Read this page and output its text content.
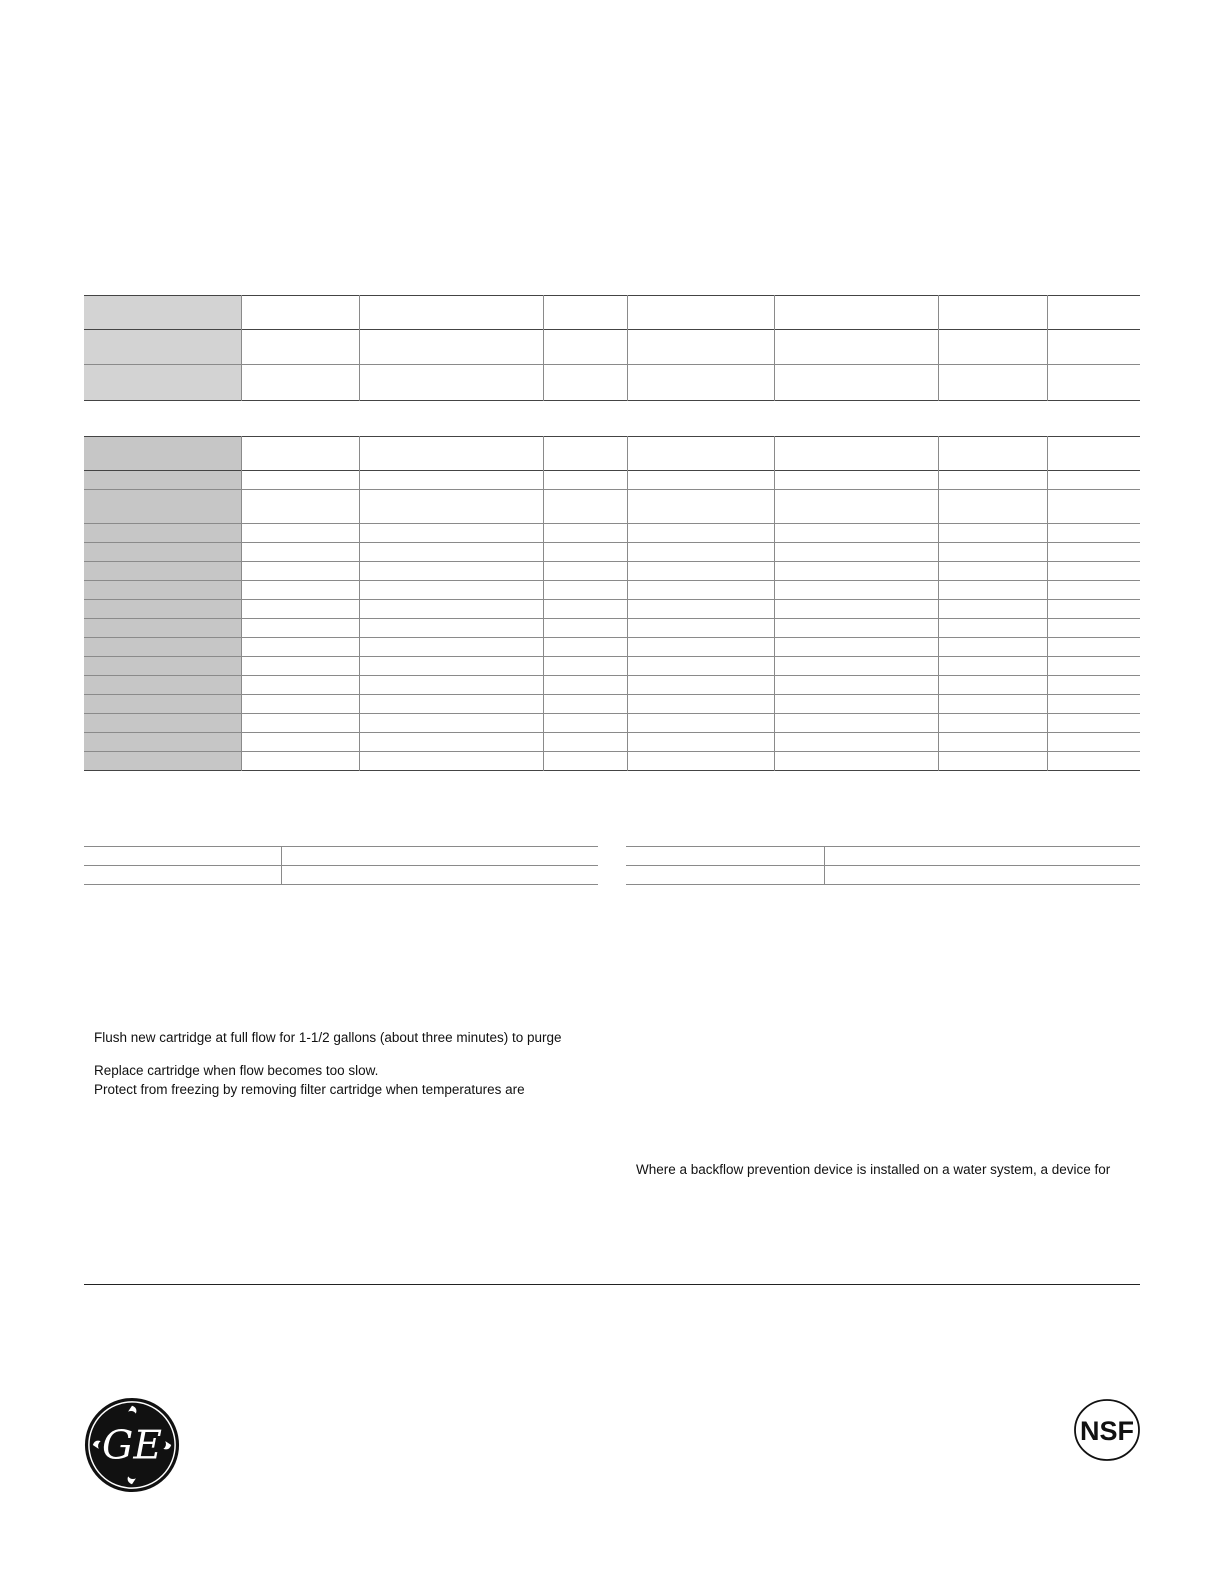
Flush new cartridge at full flow for 1-1/2 gallons (about three minutes) to purge

Replace cartridge when flow becomes too slow.

Protect from freezing by removing filter cartridge when temperatures are

Where a backflow prevention device is installed on a water system, a device for

GE	NSF
